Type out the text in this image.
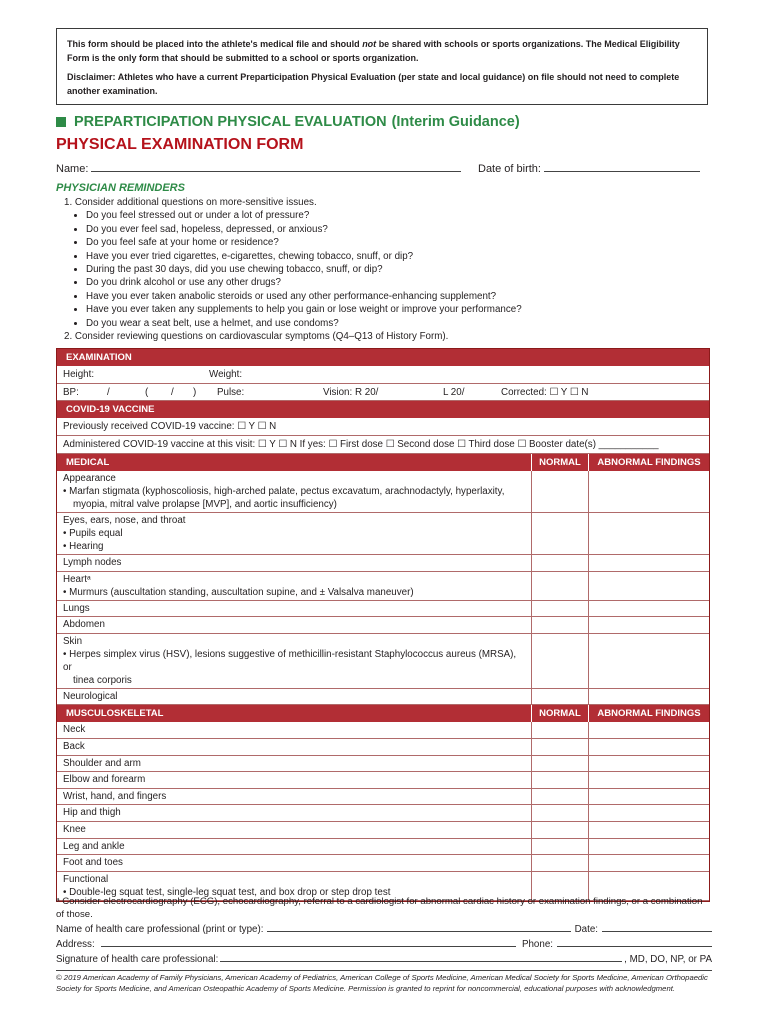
This form should be placed into the athlete's medical file and should not be shared with schools or sports organizations. The Medical Eligibility Form is the only form that should be submitted to a school or sports organization.

Disclaimer: Athletes who have a current Preparticipation Physical Evaluation (per state and local guidance) on file should not need to complete another examination.

PREPARTICIPATION PHYSICAL EVALUATION (Interim Guidance)
PHYSICAL EXAMINATION FORM
Name:	Date of birth:
PHYSICIAN REMINDERS
1. Consider additional questions on more-sensitive issues.
• Do you feel stressed out or under a lot of pressure?
• Do you ever feel sad, hopeless, depressed, or anxious?
• Do you feel safe at your home or residence?
• Have you ever tried cigarettes, e-cigarettes, chewing tobacco, snuff, or dip?
• During the past 30 days, did you use chewing tobacco, snuff, or dip?
• Do you drink alcohol or use any other drugs?
• Have you ever taken anabolic steroids or used any other performance-enhancing supplement?
• Have you ever taken any supplements to help you gain or lose weight or improve your performance?
• Do you wear a seat belt, use a helmet, and use condoms?
2. Consider reviewing questions on cardiovascular symptoms (Q4–Q13 of History Form).
EXAMINATION
Height:	Weight:
BP:	/	( / ) Pulse:	Vision: R 20/	L 20/	Corrected: ☐ Y ☐ N
COVID-19 VACCINE
Previously received COVID-19 vaccine: ☐ Y ☐ N
Administered COVID-19 vaccine at this visit: ☐ Y ☐ N If yes: ☐ First dose ☐ Second dose ☐ Third dose ☐ Booster date(s) ___________
MEDICAL	NORMAL	ABNORMAL FINDINGS
Appearance
• Marfan stigmata (kyphoscoliosis, high-arched palate, pectus excavatum, arachnodactyly, hyperlaxity,
myopia, mitral valve prolapse [MVP], and aortic insufficiency)
Eyes, ears, nose, and throat
• Pupils equal
• Hearing
Lymph nodes
Heartᵃ
• Murmurs (auscultation standing, auscultation supine, and ± Valsalva maneuver)
Lungs
Abdomen
Skin
• Herpes simplex virus (HSV), lesions suggestive of methicillin-resistant Staphylococcus aureus (MRSA), or
tinea corporis
Neurological
MUSCULOSKELETAL	NORMAL	ABNORMAL FINDINGS
Neck
Back
Shoulder and arm
Elbow and forearm
Wrist, hand, and fingers
Hip and thigh
Knee
Leg and ankle
Foot and toes
Functional
• Double-leg squat test, single-leg squat test, and box drop or step drop test
ᵃ Consider electrocardiography (ECG), echocardiography, referral to a cardiologist for abnormal cardiac history or examination findings, or a combination of those.
Name of health care professional (print or type):	Date:
Address:	Phone:
Signature of health care professional:	, MD, DO, NP, or PA
© 2019 American Academy of Family Physicians, American Academy of Pediatrics, American College of Sports Medicine, American Medical Society for Sports Medicine, American Orthopaedic Society for Sports Medicine, and American Osteopathic Academy of Sports Medicine. Permission is granted to reprint for noncommercial, educational purposes with acknowledgment.
